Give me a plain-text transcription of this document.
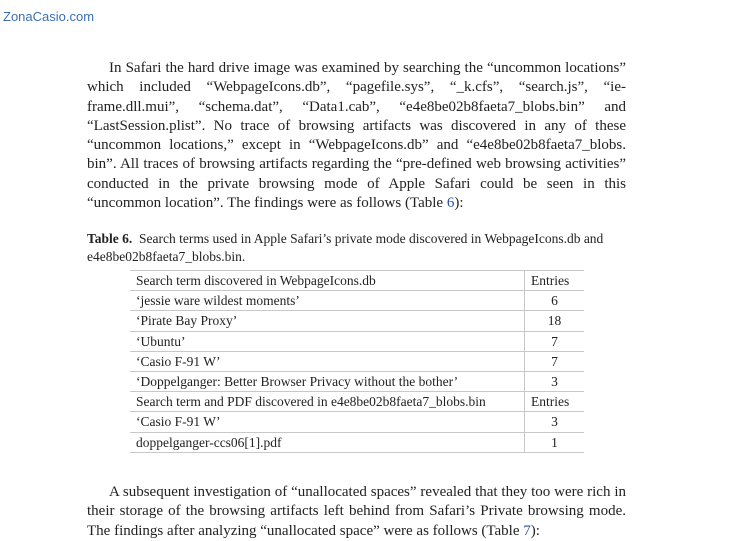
ZonaCasio.com

In Safari the hard drive image was examined by searching the “uncommon locations” which included “WebpageIcons.db”, “pagefile.sys”, “_k.cfs”, “search.js”, “ie-frame.dll.mui”, “schema.dat”, “Data1.cab”, “e4e8be02b8faeta7_blobs.bin” and “LastSession.plist”. No trace of browsing artifacts was discovered in any of these “uncommon locations,” except in “WebpageIcons.db” and “e4e8be02b8faeta7_blobs. bin”. All traces of browsing artifacts regarding the “pre-defined web browsing activities” conducted in the private browsing mode of Apple Safari could be seen in this “uncommon location”. The findings were as follows (Table 6):

Table 6. Search terms used in Apple Safari’s private mode discovered in WebpageIcons.db and e4e8be02b8faeta7_blobs.bin.

Search term discovered in WebpageIcons.db	Entries
‘jessie ware wildest moments’	6
‘Pirate Bay Proxy’	18
‘Ubuntu’	7
‘Casio F-91 W’	7
‘Doppelganger: Better Browser Privacy without the bother’	3
Search term and PDF discovered in e4e8be02b8faeta7_blobs.bin	Entries
‘Casio F-91 W’	3
doppelganger-ccs06[1].pdf	1

A subsequent investigation of “unallocated spaces” revealed that they too were rich in their storage of the browsing artifacts left behind from Safari’s Private browsing mode. The findings after analyzing “unallocated space” were as follows (Table 7):
